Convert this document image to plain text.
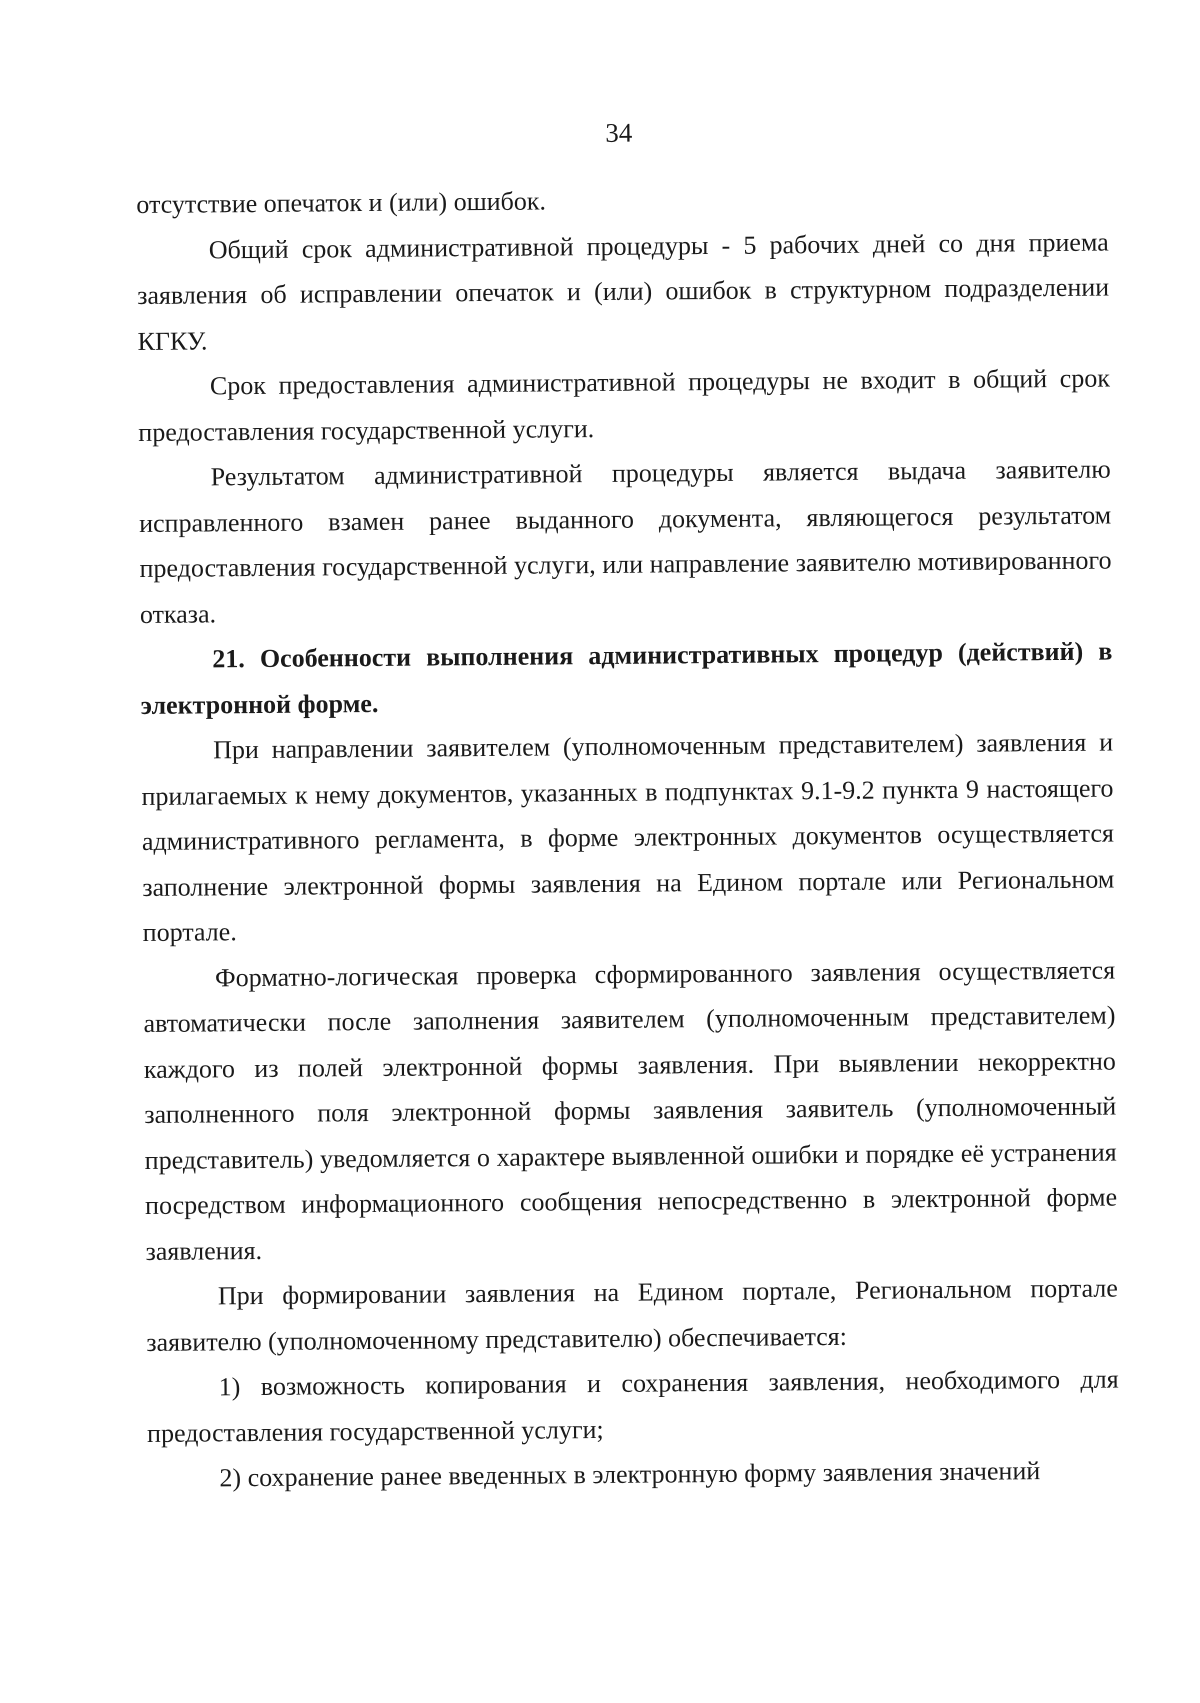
34

отсутствие опечаток и (или) ошибок.

Общий срок административной процедуры - 5 рабочих дней со дня приема заявления об исправлении опечаток и (или) ошибок в структурном подразделении КГКУ.

Срок предоставления административной процедуры не входит в общий срок предоставления государственной услуги.

Результатом административной процедуры является выдача заявителю исправленного взамен ранее выданного документа, являющегося результатом предоставления государственной услуги, или направление заявителю мотивированного отказа.

21. Особенности выполнения административных процедур (действий) в электронной форме.

При направлении заявителем (уполномоченным представителем) заявления и прилагаемых к нему документов, указанных в подпунктах 9.1-9.2 пункта 9 настоящего административного регламента, в форме электронных документов осуществляется заполнение электронной формы заявления на Едином портале или Региональном портале.

Форматно-логическая проверка сформированного заявления осуществляется автоматически после заполнения заявителем (уполномоченным представителем) каждого из полей электронной формы заявления. При выявлении некорректно заполненного поля электронной формы заявления заявитель (уполномоченный представитель) уведомляется о характере выявленной ошибки и порядке её устранения посредством информационного сообщения непосредственно в электронной форме заявления.

При формировании заявления на Едином портале, Региональном портале заявителю (уполномоченному представителю) обеспечивается:

1) возможность копирования и сохранения заявления, необходимого для предоставления государственной услуги;

2) сохранение ранее введенных в электронную форму заявления значений
